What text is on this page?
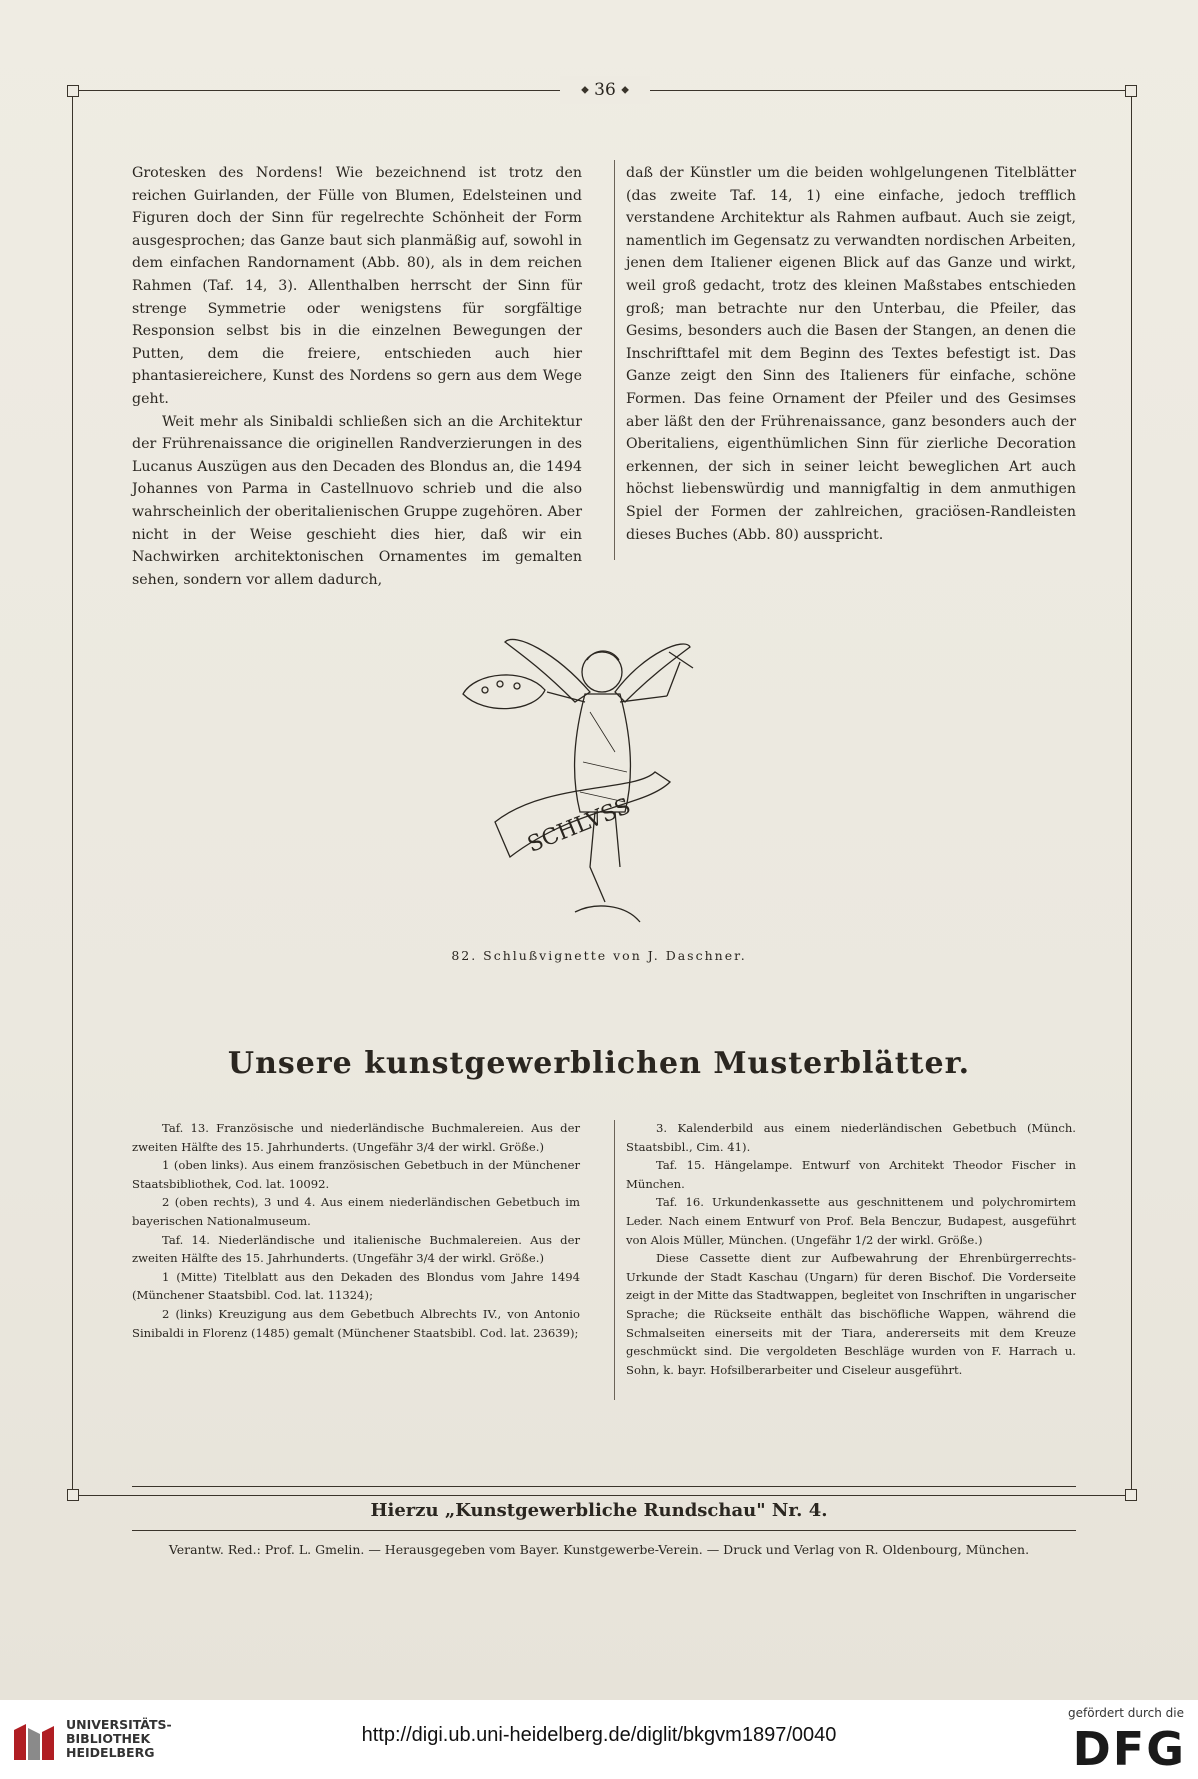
◆ 36 ◆

Grotesken des Nordens! Wie bezeichnend ist trotz den reichen Guirlanden, der Fülle von Blumen, Edelsteinen und Figuren doch der Sinn für regelrechte Schönheit der Form ausgesprochen; das Ganze baut sich planmäßig auf, sowohl in dem einfachen Randornament (Abb. 80), als in dem reichen Rahmen (Taf. 14, 3). Allenthalben herrscht der Sinn für strenge Symmetrie oder wenigstens für sorgfältige Responsion selbst bis in die einzelnen Bewegungen der Putten, dem die freiere, entschieden auch hier phantasiereichere, Kunst des Nordens so gern aus dem Wege geht.

Weit mehr als Sinibaldi schließen sich an die Architektur der Frührenaissance die originellen Randverzierungen in des Lucanus Auszügen aus den Decaden des Blondus an, die 1494 Johannes von Parma in Castellnuovo schrieb und die also wahrscheinlich der oberitalienischen Gruppe zugehören. Aber nicht in der Weise geschieht dies hier, daß wir ein Nachwirken architektonischen Ornamentes im gemalten sehen, sondern vor allem dadurch,

daß der Künstler um die beiden wohlgelungenen Titelblätter (das zweite Taf. 14, 1) eine einfache, jedoch trefflich verstandene Architektur als Rahmen aufbaut. Auch sie zeigt, namentlich im Gegensatz zu verwandten nordischen Arbeiten, jenen dem Italiener eigenen Blick auf das Ganze und wirkt, weil groß gedacht, trotz des kleinen Maßstabes entschieden groß; man betrachte nur den Unterbau, die Pfeiler, das Gesims, besonders auch die Basen der Stangen, an denen die Inschrifttafel mit dem Beginn des Textes befestigt ist. Das Ganze zeigt den Sinn des Italieners für einfache, schöne Formen. Das feine Ornament der Pfeiler und des Gesimses aber läßt den der Frührenaissance, ganz besonders auch der Oberitaliens, eigenthümlichen Sinn für zierliche Decoration erkennen, der sich in seiner leicht beweglichen Art auch höchst liebenswürdig und mannigfaltig in dem anmuthigen Spiel der Formen der zahlreichen, graciösen-Randleisten dieses Buches (Abb. 80) ausspricht.

SCHLVSS
82. Schlußvignette von J. Daschner.
Unsere kunstgewerblichen Musterblätter.

Taf. 13. Französische und niederländische Buchmalereien. Aus der zweiten Hälfte des 15. Jahrhunderts. (Ungefähr 3/4 der wirkl. Größe.)

1 (oben links). Aus einem französischen Gebetbuch in der Münchener Staatsbibliothek, Cod. lat. 10092.

2 (oben rechts), 3 und 4. Aus einem niederländischen Gebetbuch im bayerischen Nationalmuseum.

Taf. 14. Niederländische und italienische Buchmalereien. Aus der zweiten Hälfte des 15. Jahrhunderts. (Ungefähr 3/4 der wirkl. Größe.)

1 (Mitte) Titelblatt aus den Dekaden des Blondus vom Jahre 1494 (Münchener Staatsbibl. Cod. lat. 11324);

2 (links) Kreuzigung aus dem Gebetbuch Albrechts IV., von Antonio Sinibaldi in Florenz (1485) gemalt (Münchener Staatsbibl. Cod. lat. 23639);

3. Kalenderbild aus einem niederländischen Gebetbuch (Münch. Staatsbibl., Cim. 41).

Taf. 15. Hängelampe. Entwurf von Architekt Theodor Fischer in München.

Taf. 16. Urkundenkassette aus geschnittenem und polychromirtem Leder. Nach einem Entwurf von Prof. Bela Benczur, Budapest, ausgeführt von Alois Müller, München. (Ungefähr 1/2 der wirkl. Größe.)

Diese Cassette dient zur Aufbewahrung der Ehrenbürgerrechts-Urkunde der Stadt Kaschau (Ungarn) für deren Bischof. Die Vorderseite zeigt in der Mitte das Stadtwappen, begleitet von Inschriften in ungarischer Sprache; die Rückseite enthält das bischöfliche Wappen, während die Schmalseiten einerseits mit der Tiara, andererseits mit dem Kreuze geschmückt sind. Die vergoldeten Beschläge wurden von F. Harrach u. Sohn, k. bayr. Hofsilberarbeiter und Ciseleur ausgeführt.

Hierzu „Kunstgewerbliche Rundschau" Nr. 4.
Verantw. Red.: Prof. L. Gmelin. — Herausgegeben vom Bayer. Kunstgewerbe-Verein. — Druck und Verlag von R. Oldenbourg, München.
UNIVERSITÄTS-
BIBLIOTHEK
HEIDELBERG
http://digi.ub.uni-heidelberg.de/diglit/bkgvm1897/0040
gefördert durch die
DFG
